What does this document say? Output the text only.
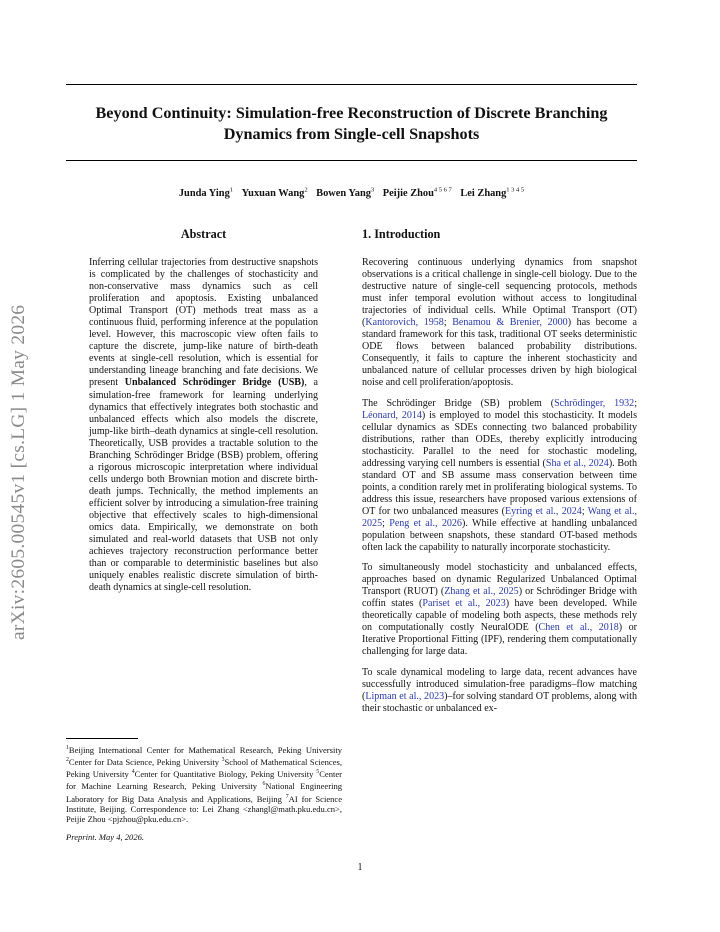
arXiv:2605.00545v1 [cs.LG] 1 May 2026
Beyond Continuity: Simulation-free Reconstruction of Discrete Branching Dynamics from Single-cell Snapshots
Junda Ying$^1$ Yuxuan Wang$^2$ Bowen Yang$^3$ Peijie Zhou$^{4 5 6 7}$ Lei Zhang$^{1 3 4 5}$
Abstract

Inferring cellular trajectories from destructive snapshots is complicated by the challenges of stochasticity and non-conservative mass dynamics such as cell proliferation and apoptosis. Existing unbalanced Optimal Transport (OT) methods treat mass as a continuous fluid, performing inference at the population level. However, this macroscopic view often fails to capture the discrete, jump-like nature of birth-death events at single-cell resolution, which is essential for understanding lineage branching and fate decisions. We present Unbalanced Schrödinger Bridge (USB), a simulation-free framework for learning underlying dynamics that effectively integrates both stochastic and unbalanced effects which also models the discrete, jump-like birth–death dynamics at single-cell resolution. Theoretically, USB provides a tractable solution to the Branching Schrödinger Bridge (BSB) problem, offering a rigorous microscopic interpretation where individual cells undergo both Brownian motion and discrete birth-death jumps. Technically, the method implements an efficient solver by introducing a simulation-free training objective that effectively scales to high-dimensional omics data. Empirically, we demonstrate on both simulated and real-world datasets that USB not only achieves trajectory reconstruction performance better than or comparable to deterministic baselines but also uniquely enables realistic discrete simulation of birth-death dynamics at single-cell resolution.

1. Introduction

Recovering continuous underlying dynamics from snapshot observations is a critical challenge in single-cell biology. Due to the destructive nature of single-cell sequencing protocols, methods must infer temporal evolution without access to longitudinal trajectories of individual cells. While Optimal Transport (OT) (Kantorovich, 1958; Benamou & Brenier, 2000) has become a standard framework for this task, traditional OT seeks deterministic ODE flows between balanced probability distributions. Consequently, it fails to capture the inherent stochasticity and unbalanced nature of cellular processes driven by high biological noise and cell proliferation/apoptosis.

The Schrödinger Bridge (SB) problem (Schrödinger, 1932; Léonard, 2014) is employed to model this stochasticity. It models cellular dynamics as SDEs connecting two balanced probability distributions, rather than ODEs, thereby explicitly introducing stochasticity. Parallel to the need for stochastic modeling, addressing varying cell numbers is essential (Sha et al., 2024). Both standard OT and SB assume mass conservation between time points, a condition rarely met in proliferating biological systems. To address this issue, researchers have proposed various extensions of OT for two unbalanced measures (Eyring et al., 2024; Wang et al., 2025; Peng et al., 2026). While effective at handling unbalanced population between snapshots, these standard OT-based methods often lack the capability to naturally incorporate stochasticity.

To simultaneously model stochasticity and unbalanced effects, approaches based on dynamic Regularized Unbalanced Optimal Transport (RUOT) (Zhang et al., 2025) or Schrödinger Bridge with coffin states (Pariset et al., 2023) have been developed. While theoretically capable of modeling both aspects, these methods rely on computationally costly NeuralODE (Chen et al., 2018) or Iterative Proportional Fitting (IPF), rendering them computationally challenging for large data.

To scale dynamical modeling to large data, recent advances have successfully introduced simulation-free paradigms–flow matching (Lipman et al., 2023)–for solving standard OT problems, along with their stochastic or unbalanced ex-

$^1$Beijing International Center for Mathematical Research, Peking University $^2$Center for Data Science, Peking University $^3$School of Mathematical Sciences, Peking University $^4$Center for Quantitative Biology, Peking University $^5$Center for Machine Learning Research, Peking University $^6$National Engineering Laboratory for Big Data Analysis and Applications, Beijing $^7$AI for Science Institute, Beijing. Correspondence to: Lei Zhang <zhangl@math.pku.edu.cn>, Peijie Zhou <pjzhou@pku.edu.cn>.
Preprint. May 4, 2026.
1
